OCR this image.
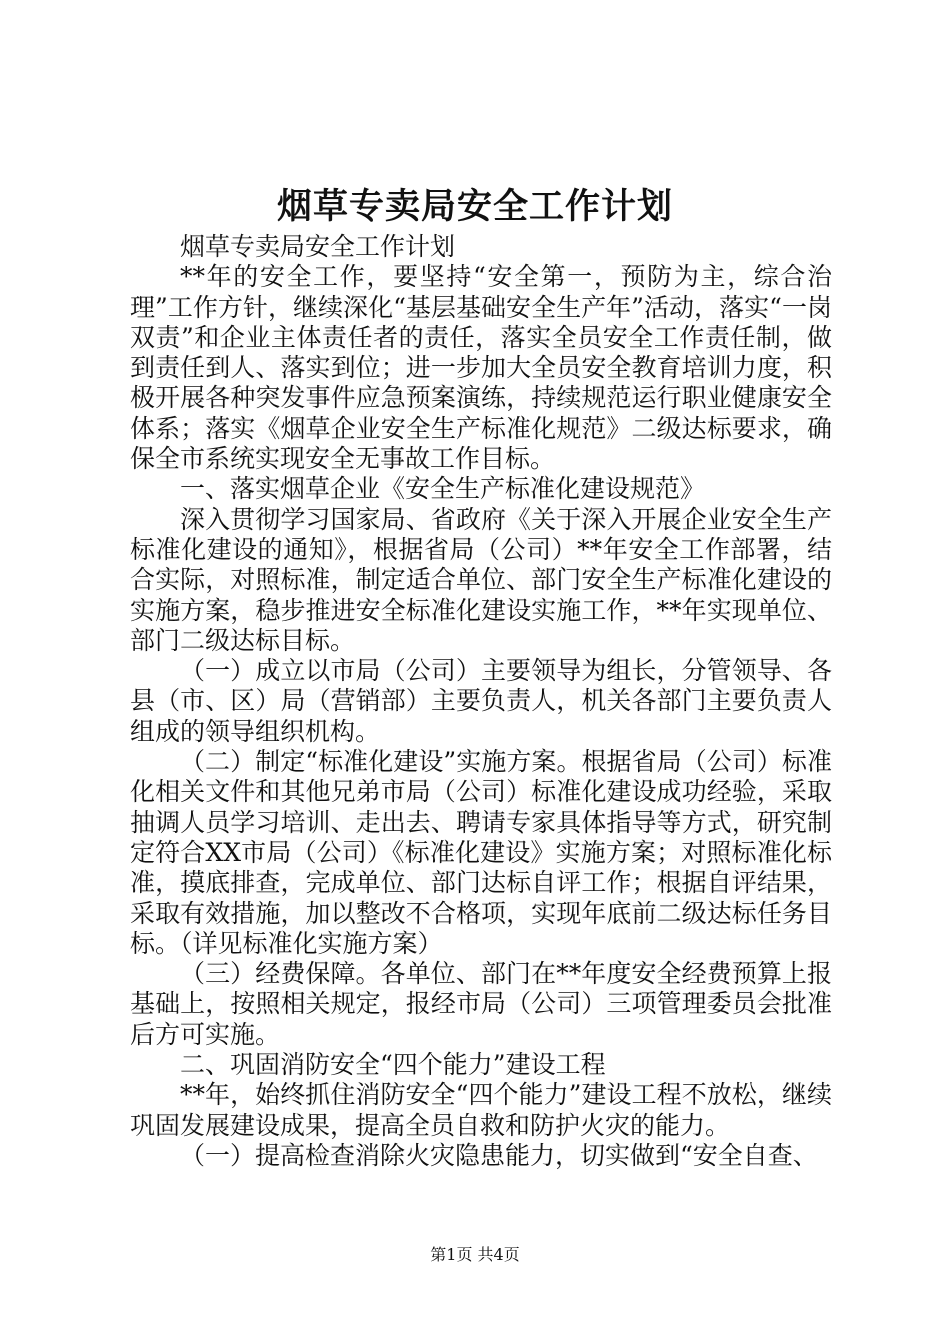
烟草专卖局安全工作计划

烟草专卖局安全工作计划

**年的安全工作，要坚持“安全第一，预防为主，综合治理”工作方针，继续深化“基层基础安全生产年”活动，落实“一岗双责”和企业主体责任者的责任，落实全员安全工作责任制，做到责任到人、落实到位；进一步加大全员安全教育培训力度，积极开展各种突发事件应急预案演练，持续规范运行职业健康安全体系；落实《烟草企业安全生产标准化规范》二级达标要求，确保全市系统实现安全无事故工作目标。

一、落实烟草企业《安全生产标准化建设规范》

深入贯彻学习国家局、省政府《关于深入开展企业安全生产标准化建设的通知》，根据省局（公司）**年安全工作部署，结合实际，对照标准，制定适合单位、部门安全生产标准化建设的实施方案，稳步推进安全标准化建设实施工作，**年实现单位、部门二级达标目标。

（一）成立以市局（公司）主要领导为组长，分管领导、各县（市、区）局（营销部）主要负责人，机关各部门主要负责人组成的领导组织机构。

（二）制定“标准化建设”实施方案。根据省局（公司）标准化相关文件和其他兄弟市局（公司）标准化建设成功经验，采取抽调人员学习培训、走出去、聘请专家具体指导等方式，研究制定符合XX市局（公司）《标准化建设》实施方案；对照标准化标准，摸底排查，完成单位、部门达标自评工作；根据自评结果，采取有效措施，加以整改不合格项，实现年底前二级达标任务目标。（详见标准化实施方案）

（三）经费保障。各单位、部门在**年度安全经费预算上报基础上，按照相关规定，报经市局（公司）三项管理委员会批准后方可实施。

二、巩固消防安全“四个能力”建设工程

**年，始终抓住消防安全“四个能力”建设工程不放松，继续巩固发展建设成果，提高全员自救和防护火灾的能力。

（一）提高检查消除火灾隐患能力，切实做到“安全自查、

第1页 共4页
